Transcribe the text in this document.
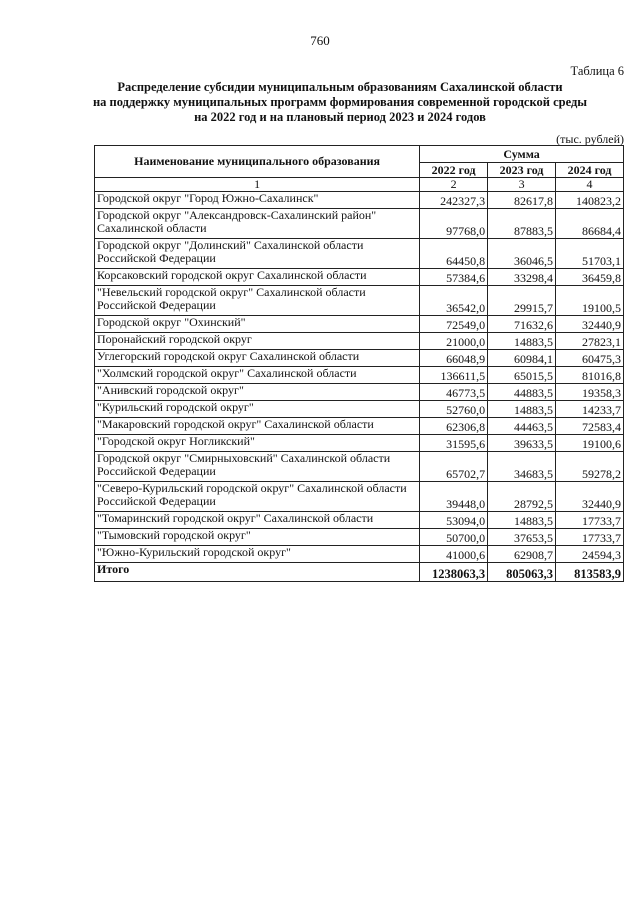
760
Таблица 6
Распределение субсидии муниципальным образованиям Сахалинской области
на поддержку муниципальных программ формирования современной городской среды
на 2022 год и на плановый период 2023 и 2024 годов
(тыс. рублей)
Наименование муниципального образования	Сумма		
	2022 год	2023 год	2024 год
1	2	3	4
Городской округ "Город Южно-Сахалинск"	242327,3	82617,8	140823,2
Городской округ "Александровск-Сахалинский район" Сахалинской области	97768,0	87883,5	86684,4
Городской округ "Долинский" Сахалинской области Российской Федерации	64450,8	36046,5	51703,1
Корсаковский городской округ Сахалинской области	57384,6	33298,4	36459,8
"Невельский городской округ" Сахалинской области Российской Федерации	36542,0	29915,7	19100,5
Городской округ "Охинский"	72549,0	71632,6	32440,9
Поронайский городской округ	21000,0	14883,5	27823,1
Углегорский городской округ Сахалинской области	66048,9	60984,1	60475,3
"Холмский городской округ" Сахалинской области	136611,5	65015,5	81016,8
"Анивский городской округ"	46773,5	44883,5	19358,3
"Курильский городской округ"	52760,0	14883,5	14233,7
"Макаровский городской округ" Сахалинской области	62306,8	44463,5	72583,4
"Городской округ Ногликский"	31595,6	39633,5	19100,6
Городской округ "Смирныховский" Сахалинской области Российской Федерации	65702,7	34683,5	59278,2
"Северо-Курильский городской округ" Сахалинской области Российской Федерации	39448,0	28792,5	32440,9
"Томаринский городской округ" Сахалинской области	53094,0	14883,5	17733,7
"Тымовский городской округ"	50700,0	37653,5	17733,7
"Южно-Курильский городской округ"	41000,6	62908,7	24594,3
Итого	1238063,3	805063,3	813583,9
